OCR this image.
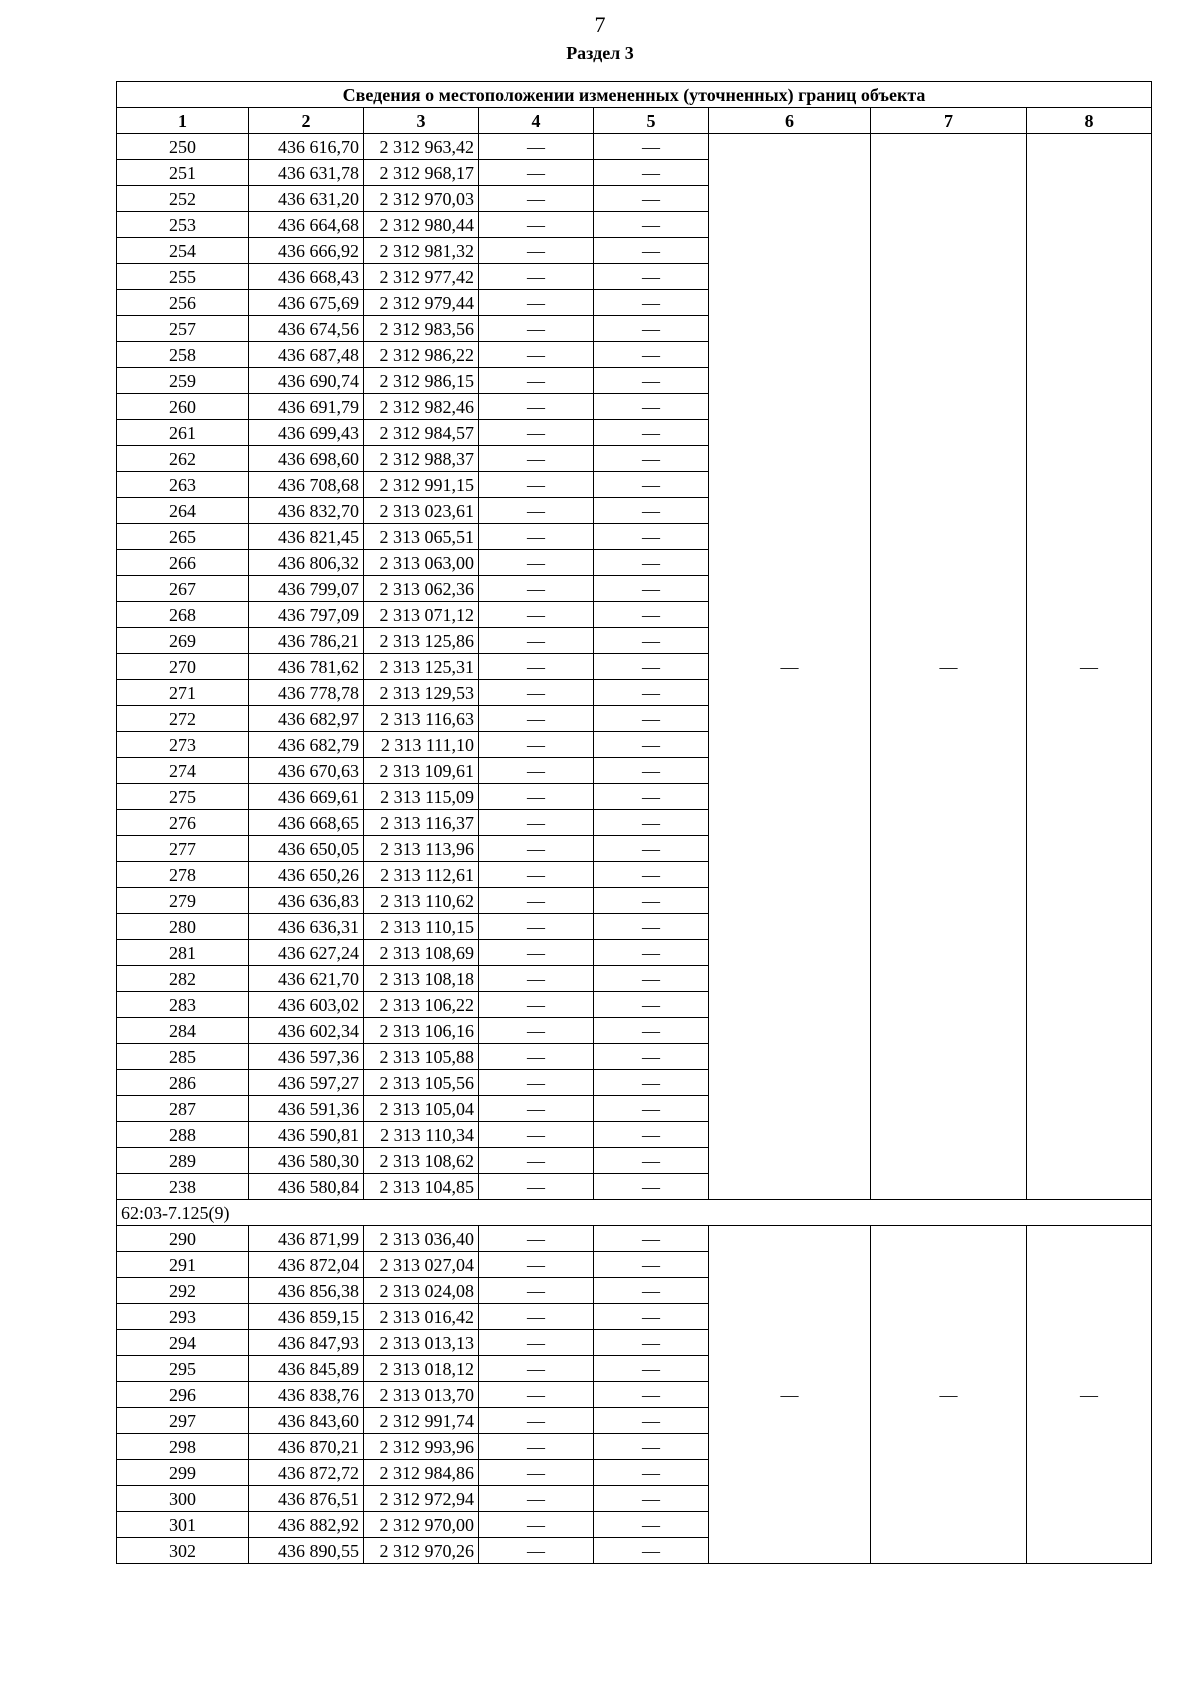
7
Раздел 3
Сведения о местоположении измененных (уточненных) границ объекта							
1	2	3	4	5	6	7	8
250	436 616,70	2 312 963,42	—	—	—	—	—
251	436 631,78	2 312 968,17	—	—			
252	436 631,20	2 312 970,03	—	—			
253	436 664,68	2 312 980,44	—	—			
254	436 666,92	2 312 981,32	—	—			
255	436 668,43	2 312 977,42	—	—			
256	436 675,69	2 312 979,44	—	—			
257	436 674,56	2 312 983,56	—	—			
258	436 687,48	2 312 986,22	—	—			
259	436 690,74	2 312 986,15	—	—			
260	436 691,79	2 312 982,46	—	—			
261	436 699,43	2 312 984,57	—	—			
262	436 698,60	2 312 988,37	—	—			
263	436 708,68	2 312 991,15	—	—			
264	436 832,70	2 313 023,61	—	—			
265	436 821,45	2 313 065,51	—	—			
266	436 806,32	2 313 063,00	—	—			
267	436 799,07	2 313 062,36	—	—			
268	436 797,09	2 313 071,12	—	—			
269	436 786,21	2 313 125,86	—	—			
270	436 781,62	2 313 125,31	—	—			
271	436 778,78	2 313 129,53	—	—			
272	436 682,97	2 313 116,63	—	—			
273	436 682,79	2 313 111,10	—	—			
274	436 670,63	2 313 109,61	—	—			
275	436 669,61	2 313 115,09	—	—			
276	436 668,65	2 313 116,37	—	—			
277	436 650,05	2 313 113,96	—	—			
278	436 650,26	2 313 112,61	—	—			
279	436 636,83	2 313 110,62	—	—			
280	436 636,31	2 313 110,15	—	—			
281	436 627,24	2 313 108,69	—	—			
282	436 621,70	2 313 108,18	—	—			
283	436 603,02	2 313 106,22	—	—			
284	436 602,34	2 313 106,16	—	—			
285	436 597,36	2 313 105,88	—	—			
286	436 597,27	2 313 105,56	—	—			
287	436 591,36	2 313 105,04	—	—			
288	436 590,81	2 313 110,34	—	—			
289	436 580,30	2 313 108,62	—	—			
238	436 580,84	2 313 104,85	—	—			
62:03-7.125(9)							
290	436 871,99	2 313 036,40	—	—	—	—	—
291	436 872,04	2 313 027,04	—	—			
292	436 856,38	2 313 024,08	—	—			
293	436 859,15	2 313 016,42	—	—			
294	436 847,93	2 313 013,13	—	—			
295	436 845,89	2 313 018,12	—	—			
296	436 838,76	2 313 013,70	—	—			
297	436 843,60	2 312 991,74	—	—			
298	436 870,21	2 312 993,96	—	—			
299	436 872,72	2 312 984,86	—	—			
300	436 876,51	2 312 972,94	—	—			
301	436 882,92	2 312 970,00	—	—			
302	436 890,55	2 312 970,26	—	—			
